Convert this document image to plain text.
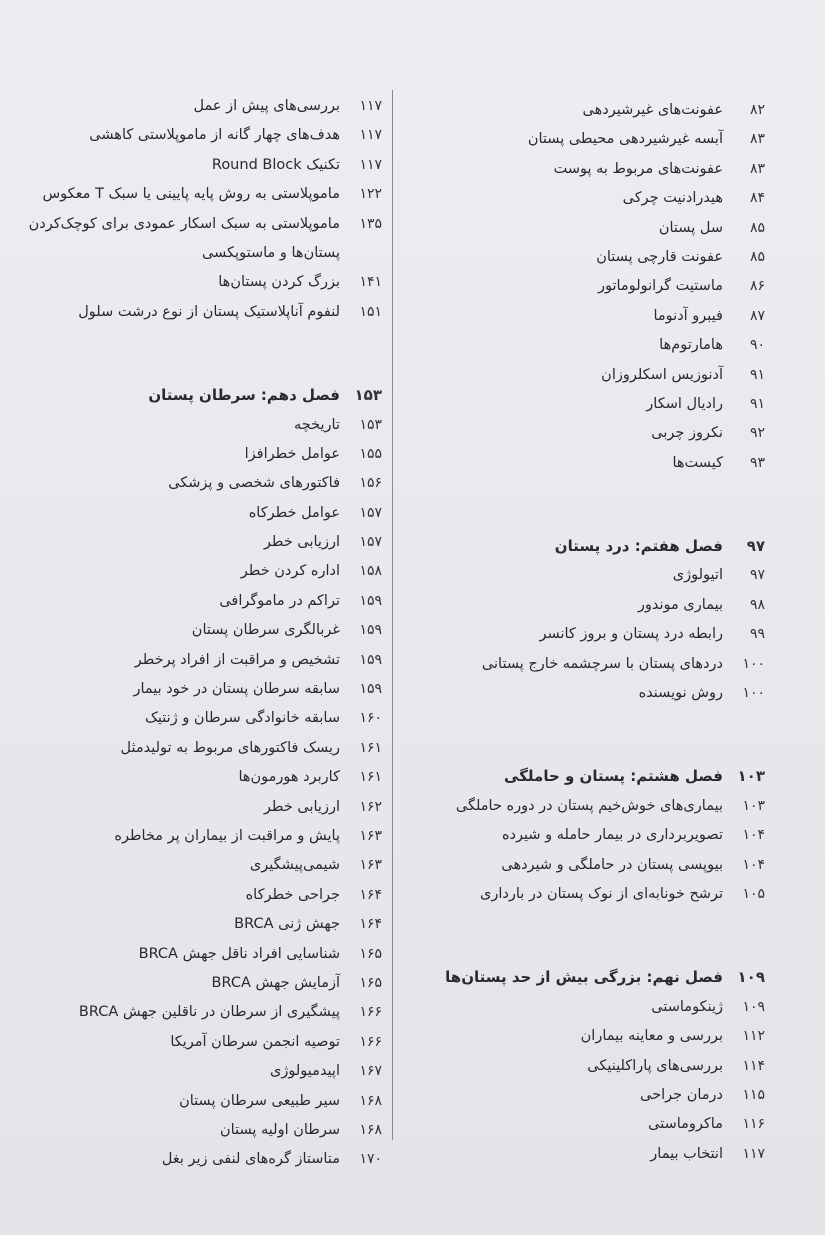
۸۲
عفونت‌های غیرشیردهی
۸۳
آبسه غیرشیردهی محیطی پستان
۸۳
عفونت‌های مربوط به پوست
۸۴
هیدرادنیت چرکی
۸۵
سل پستان
۸۵
عفونت قارچی پستان
۸۶
ماستیت گرانولوماتور
۸۷
فیبرو آدنوما
۹۰
هامارتوم‌ها
۹۱
آدنوزیس اسکلروزان
۹۱
رادیال اسکار
۹۲
نکروز چربی
۹۳
کیست‌ها
۹۷
فصل هفتم: درد پستان
۹۷
اتیولوژی
۹۸
بیماری موندور
۹۹
رابطه درد پستان و بروز کانسر
۱۰۰
دردهای پستان با سرچشمه خارج پستانی
۱۰۰
روش نویسنده
۱۰۳
فصل هشتم: پستان و حاملگی
۱۰۳
بیماری‌های خوش‌خیم پستان در دوره حاملگی
۱۰۴
تصویربرداری در بیمار حامله و شیرده
۱۰۴
بیوپسی پستان در حاملگی و شیردهی
۱۰۵
ترشح خونابه‌ای از نوک پستان در بارداری
۱۰۹
فصل نهم: بزرگی بیش از حد پستان‌ها
۱۰۹
ژینکوماستی
۱۱۲
بررسی و معاینه بیماران
۱۱۴
بررسی‌های پاراکلینیکی
۱۱۵
درمان جراحی
۱۱۶
ماکروماستی
۱۱۷
انتخاب بیمار
۱۱۷
بررسی‌های پیش از عمل
۱۱۷
هدف‌های چهار گانه از ماموپلاستی کاهشی
۱۱۷
تکنیک Round Block
۱۲۲
ماموپلاستی به روش پایه پایینی یا سبک T معکوس
۱۳۵
ماموپلاستی به سبک اسکار عمودی برای کوچک‌کردن پستان‌ها و ماستوپکسی
۱۴۱
بزرگ کردن پستان‌ها
۱۵۱
لنفوم آناپلاستیک پستان از نوع درشت سلول
۱۵۳
فصل دهم: سرطان پستان
۱۵۳
تاریخچه
۱۵۵
عوامل خطرافزا
۱۵۶
فاکتورهای شخصی و پزشکی
۱۵۷
عوامل خطرکاه
۱۵۷
ارزیابی خطر
۱۵۸
اداره کردن خطر
۱۵۹
تراکم در ماموگرافی
۱۵۹
غربالگری سرطان پستان
۱۵۹
تشخیص و مراقبت از افراد پرخطر
۱۵۹
سابقه سرطان پستان در خود بیمار
۱۶۰
سابقه خانوادگی سرطان و ژنتیک
۱۶۱
ریسک فاکتورهای مربوط به تولیدمثل
۱۶۱
کاربرد هورمون‌ها
۱۶۲
ارزیابی خطر
۱۶۳
پایش و مراقبت از بیماران پر مخاطره
۱۶۳
شیمی‌پیشگیری
۱۶۴
جراحی خطرکاه
۱۶۴
جهش ژنی BRCA
۱۶۵
شناسایی افراد ناقل جهش BRCA
۱۶۵
آزمایش جهش BRCA
۱۶۶
پیشگیری از سرطان در ناقلین جهش BRCA
۱۶۶
توصیه انجمن سرطان آمریکا
۱۶۷
اپیدمیولوژی
۱۶۸
سیر طبیعی سرطان پستان
۱۶۸
سرطان اولیه پستان
۱۷۰
متاستاز گره‌های لنفی زیر بغل
